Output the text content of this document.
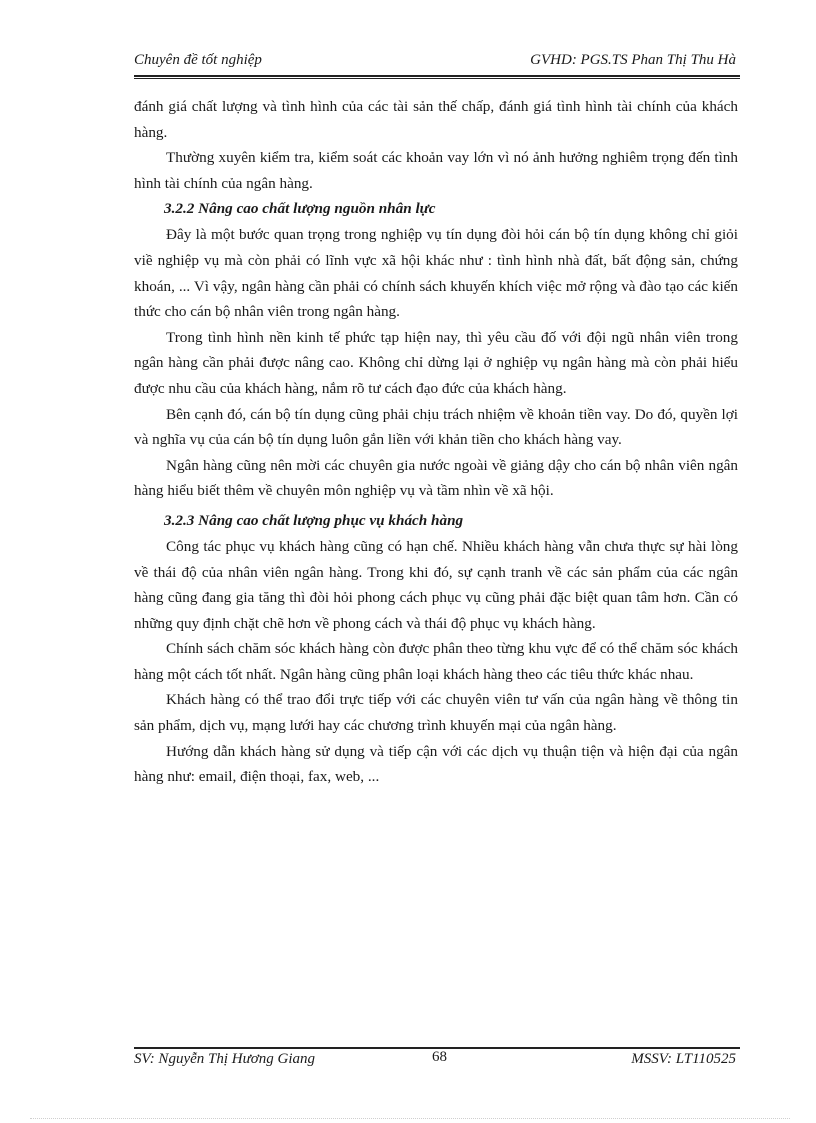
Chuyên đề tốt nghiệp	GVHD: PGS.TS Phan Thị Thu Hà

đánh giá chất lượng và tình hình của các tài sản thế chấp, đánh giá tình hình tài chính của khách hàng.

Thường xuyên kiểm tra, kiểm soát các khoản vay lớn vì nó ảnh hưởng nghiêm trọng đến tình hình tài chính của ngân hàng.

3.2.2 Nâng cao chất lượng nguồn nhân lực

Đây là một bước quan trọng trong nghiệp vụ tín dụng đòi hỏi cán bộ tín dụng không chỉ giỏi viề nghiệp vụ mà còn phải có lĩnh vực xã hội khác như : tình hình nhà đất, bất động sản, chứng khoán, ... Vì vậy, ngân hàng cần phải có chính sách khuyến khích việc mở rộng và đào tạo các kiến thức cho cán bộ nhân viên trong ngân hàng.

Trong tình hình nền kinh tế phức tạp hiện nay, thì yêu cầu đố với đội ngũ nhân viên trong ngân hàng cần phải được nâng cao. Không chỉ dừng lại ở nghiệp vụ ngân hàng mà còn phải hiểu được nhu cầu của khách hàng, nắm rõ tư cách đạo đức của khách hàng.

Bên cạnh đó, cán bộ tín dụng cũng phải chịu trách nhiệm về khoản tiền vay. Do đó, quyền lợi và nghĩa vụ của cán bộ tín dụng luôn gắn liền với khản tiền cho khách hàng vay.

Ngân hàng cũng nên mời các chuyên gia nước ngoài về giảng dậy cho cán bộ nhân viên ngân hàng hiểu biết thêm về chuyên môn nghiệp vụ và tầm nhìn về xã hội.

3.2.3 Nâng cao chất lượng phục vụ khách hàng

Công tác phục vụ khách hàng cũng có hạn chế. Nhiều khách hàng vẫn chưa thực sự hài lòng về thái độ của nhân viên ngân hàng. Trong khi đó, sự cạnh tranh về các sản phẩm của các ngân hàng cũng đang gia tăng thì đòi hỏi phong cách phục vụ cũng phải đặc biệt quan tâm hơn. Cần có những quy định chặt chẽ hơn về phong cách và thái độ phục vụ khách hàng.

Chính sách chăm sóc khách hàng còn được phân theo từng khu vực để có thể chăm sóc khách hàng một cách tốt nhất. Ngân hàng cũng phân loại khách hàng theo các tiêu thức khác nhau.

Khách hàng có thể trao đổi trực tiếp với các chuyên viên tư vấn của ngân hàng về thông tin sản phẩm, dịch vụ, mạng lưới hay các chương trình khuyến mại của ngân hàng.

Hướng dẫn khách hàng sử dụng và tiếp cận với các dịch vụ thuận tiện và hiện đại của ngân hàng như: email, điện thoại, fax, web, ...

SV: Nguyễn Thị Hương Giang	68	MSSV: LT110525
